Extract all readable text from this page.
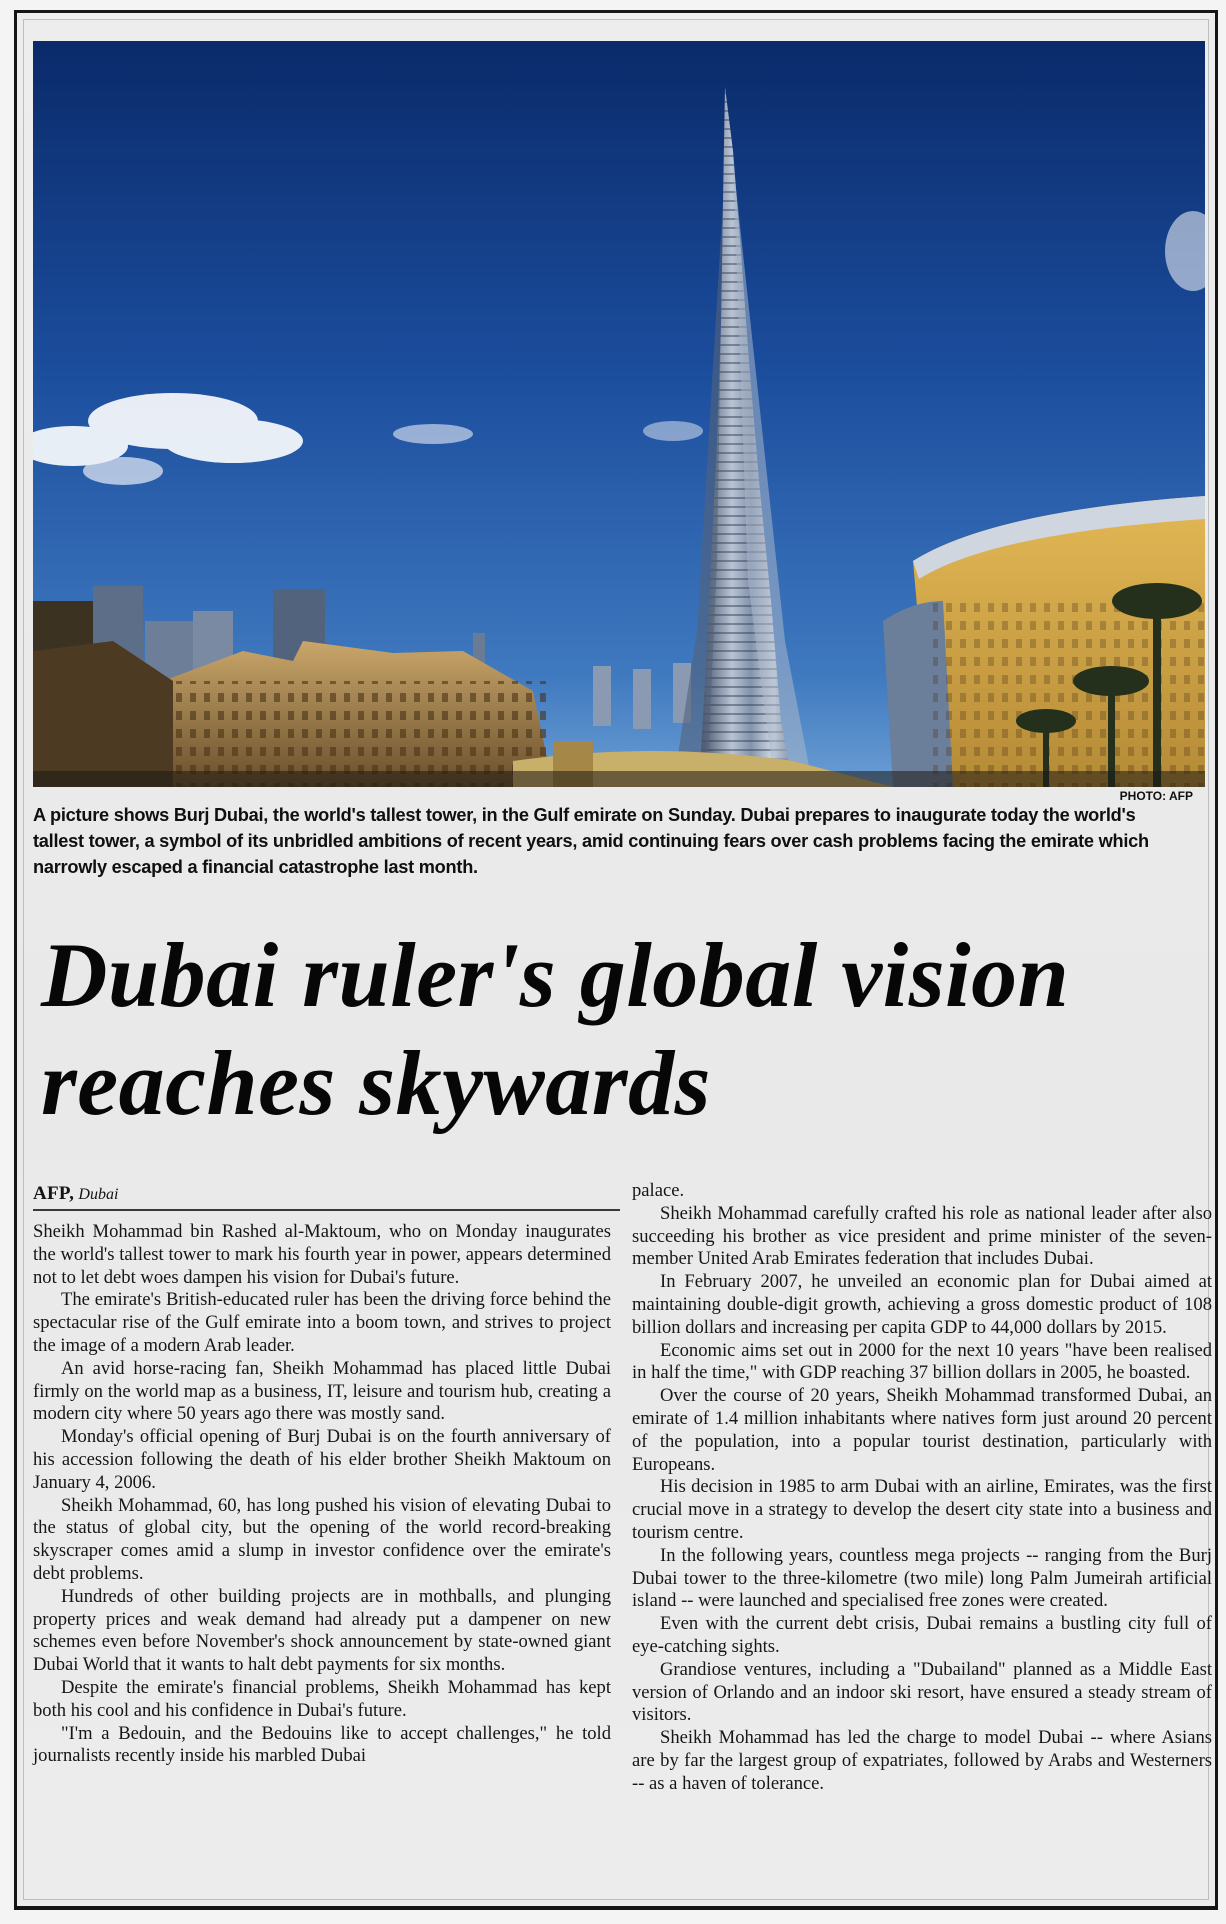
PHOTO: AFP
A picture shows Burj Dubai, the world's tallest tower, in the Gulf emirate on Sunday. Dubai prepares to inaugurate today the world's
tallest tower, a symbol of its unbridled ambitions of recent years, amid continuing fears over cash problems facing the emirate which
narrowly escaped a financial catastrophe last month.
Dubai ruler's global vision
reaches skywards
AFP, Dubai

Sheikh Mohammad bin Rashed al-Maktoum, who on Monday inaugurates the world's tallest tower to mark his fourth year in power, appears determined not to let debt woes dampen his vision for Dubai's future.

The emirate's British-educated ruler has been the driving force behind the spectacular rise of the Gulf emirate into a boom town, and strives to project the image of a modern Arab leader.

An avid horse-racing fan, Sheikh Mohammad has placed little Dubai firmly on the world map as a business, IT, leisure and tourism hub, creating a modern city where 50 years ago there was mostly sand.

Monday's official opening of Burj Dubai is on the fourth anniversary of his accession following the death of his elder brother Sheikh Maktoum on January 4, 2006.

Sheikh Mohammad, 60, has long pushed his vision of elevating Dubai to the status of global city, but the opening of the world record-breaking skyscraper comes amid a slump in investor confidence over the emirate's debt problems.

Hundreds of other building projects are in mothballs, and plunging property prices and weak demand had already put a dampener on new schemes even before November's shock announcement by state-owned giant Dubai World that it wants to halt debt payments for six months.

Despite the emirate's financial problems, Sheikh Mohammad has kept both his cool and his confidence in Dubai's future.

"I'm a Bedouin, and the Bedouins like to accept challenges," he told journalists recently inside his marbled Dubai

palace.

Sheikh Mohammad carefully crafted his role as national leader after also succeeding his brother as vice president and prime minister of the seven-member United Arab Emirates federation that includes Dubai.

In February 2007, he unveiled an economic plan for Dubai aimed at maintaining double-digit growth, achieving a gross domestic product of 108 billion dollars and increasing per capita GDP to 44,000 dollars by 2015.

Economic aims set out in 2000 for the next 10 years "have been realised in half the time," with GDP reaching 37 billion dollars in 2005, he boasted.

Over the course of 20 years, Sheikh Mohammad transformed Dubai, an emirate of 1.4 million inhabitants where natives form just around 20 percent of the population, into a popular tourist destination, particularly with Europeans.

His decision in 1985 to arm Dubai with an airline, Emirates, was the first crucial move in a strategy to develop the desert city state into a business and tourism centre.

In the following years, countless mega projects -- ranging from the Burj Dubai tower to the three-kilometre (two mile) long Palm Jumeirah artificial island -- were launched and specialised free zones were created.

Even with the current debt crisis, Dubai remains a bustling city full of eye-catching sights.

Grandiose ventures, including a "Dubailand" planned as a Middle East version of Orlando and an indoor ski resort, have ensured a steady stream of visitors.

Sheikh Mohammad has led the charge to model Dubai -- where Asians are by far the largest group of expatriates, followed by Arabs and Westerners -- as a haven of tolerance.
